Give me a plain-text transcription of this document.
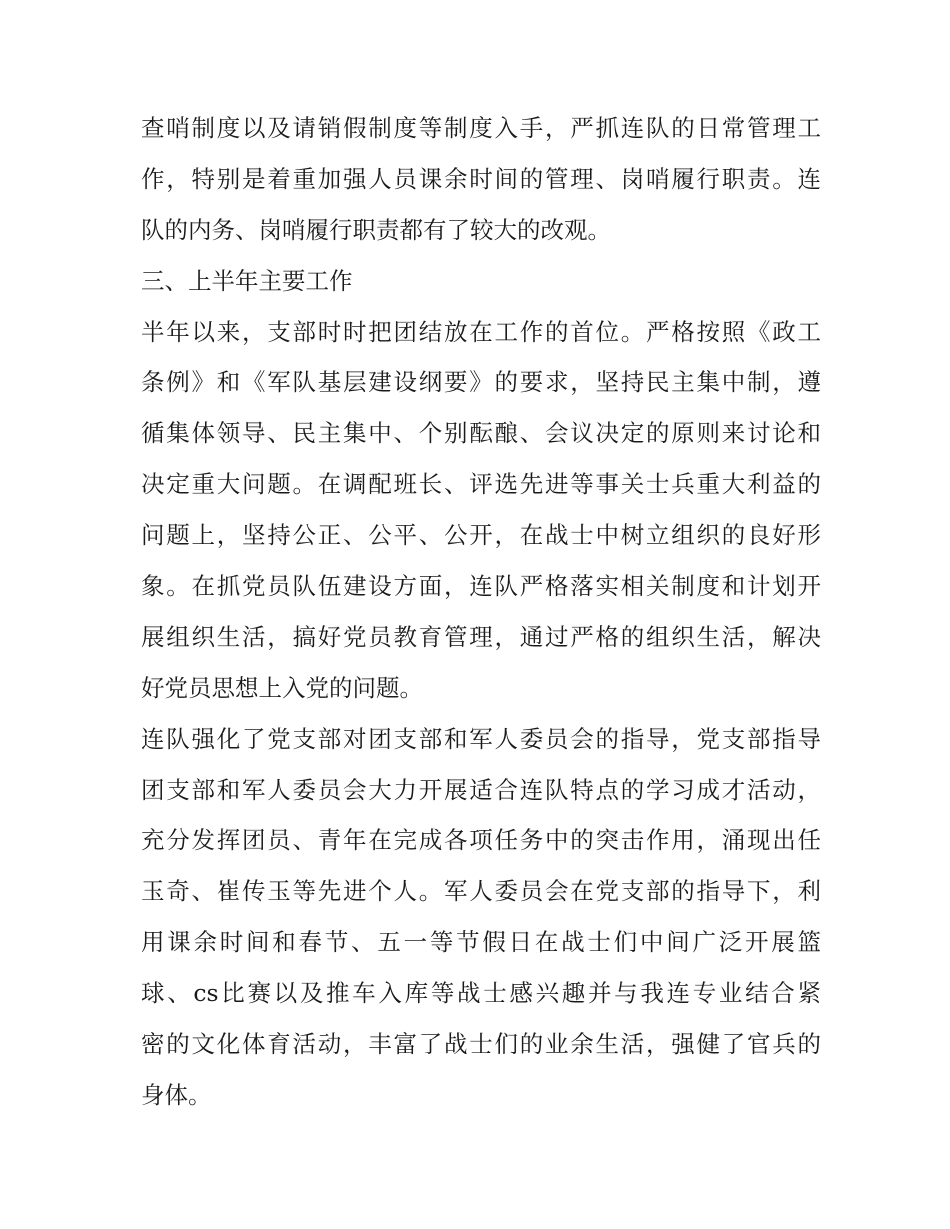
查哨制度以及请销假制度等制度入手，严抓连队的日常管理工
作，特别是着重加强人员课余时间的管理、岗哨履行职责。连
队的内务、岗哨履行职责都有了较大的改观。
三、上半年主要工作
半年以来，支部时时把团结放在工作的首位。严格按照《政工
条例》和《军队基层建设纲要》的要求，坚持民主集中制，遵
循集体领导、民主集中、个别酝酿、会议决定的原则来讨论和
决定重大问题。在调配班长、评选先进等事关士兵重大利益的
问题上，坚持公正、公平、公开，在战士中树立组织的良好形
象。在抓党员队伍建设方面，连队严格落实相关制度和计划开
展组织生活，搞好党员教育管理，通过严格的组织生活，解决
好党员思想上入党的问题。
连队强化了党支部对团支部和军人委员会的指导，党支部指导
团支部和军人委员会大力开展适合连队特点的学习成才活动，
充分发挥团员、青年在完成各项任务中的突击作用，涌现出任
玉奇、崔传玉等先进个人。军人委员会在党支部的指导下，利
用课余时间和春节、五一等节假日在战士们中间广泛开展篮
球、cs比赛以及推车入库等战士感兴趣并与我连专业结合紧
密的文化体育活动，丰富了战士们的业余生活，强健了官兵的
身体。
